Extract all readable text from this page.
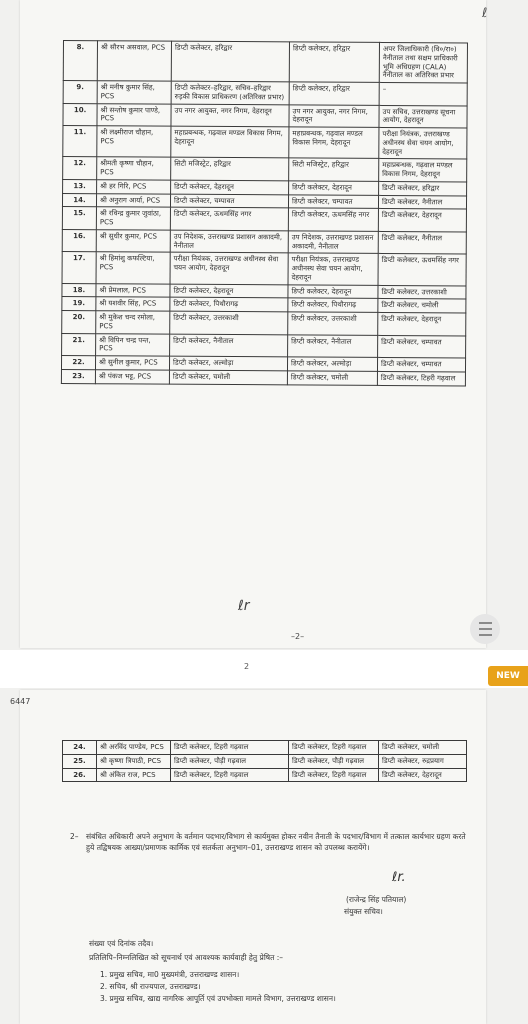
ℓ
8.	श्री सौरभ असवाल, PCS	डिप्टी कलेक्टर, हरिद्वार	डिप्टी कलेक्टर, हरिद्वार	अपर जिलाधिकारी (वि०/रा०) नैनीताल तथा सक्षम प्राधिकारी भूमि अधिग्रहण (CALA) नैनीताल का अतिरिक्त प्रभार
9.	श्री मनीष कुमार सिंह, PCS	डिप्टी कलेक्टर–हरिद्वार, सचिव–हरिद्वार रुड़की विकास प्राधिकरण (अतिरिक्त प्रभार)	डिप्टी कलेक्टर, हरिद्वार	–
10.	श्री सन्तोष कुमार पाण्डे, PCS	उप नगर आयुक्त, नगर निगम, देहरादून	उप नगर आयुक्त, नगर निगम, देहरादून	उप सचिव, उत्तराखण्ड सूचना आयोग, देहरादून
11.	श्री लक्ष्मीराज चौहान, PCS	महाप्रबन्धक, गढ़वाल मण्डल विकास निगम, देहरादून	महाप्रबन्धक, गढ़वाल मण्डल विकास निगम, देहरादून	परीक्षा नियंत्रक, उत्तराखण्ड अधीनस्थ सेवा चयन आयोग, देहरादून
12.	श्रीमती कृष्णा चौहान, PCS	सिटी मजिस्ट्रेट, हरिद्वार	सिटी मजिस्ट्रेट, हरिद्वार	महाप्रबन्धक, गढ़वाल मण्डल विकास निगम, देहरादून
13.	श्री हर गिरि, PCS	डिप्टी कलेक्टर, देहरादून	डिप्टी कलेक्टर, देहरादून	डिप्टी कलेक्टर, हरिद्वार
14.	श्री अनुराग आर्या, PCS	डिप्टी कलेक्टर, चम्पावत	डिप्टी कलेक्टर, चम्पावत	डिप्टी कलेक्टर, नैनीताल
15.	श्री रविन्द्र कुमार जुवांठा, PCS	डिप्टी कलेक्टर, ऊधमसिंह नगर	डिप्टी कलेक्टर, ऊधमसिंह नगर	डिप्टी कलेक्टर, देहरादून
16.	श्री सुधीर कुमार, PCS	उप निदेशक, उत्तराखण्ड प्रशासन अकादमी, नैनीताल	उप निदेशक, उत्तराखण्ड प्रशासन अकादमी, नैनीताल	डिप्टी कलेक्टर, नैनीताल
17.	श्री हिमांशु कफल्टिया, PCS	परीक्षा नियंत्रक, उत्तराखण्ड अधीनस्थ सेवा चयन आयोग, देहरादून	परीक्षा नियंत्रक, उत्तराखण्ड अधीनस्थ सेवा चयन आयोग, देहरादून	डिप्टी कलेक्टर, ऊधमसिंह नगर
18.	श्री प्रेमलाल, PCS	डिप्टी कलेक्टर, देहरादून	डिप्टी कलेक्टर, देहरादून	डिप्टी कलेक्टर, उत्तरकाशी
19.	श्री यशवीर सिंह, PCS	डिप्टी कलेक्टर, पिथौरागढ़	डिप्टी कलेक्टर, पिथौरागढ़	डिप्टी कलेक्टर, चमोली
20.	श्री मुकेश चन्द रमोला, PCS	डिप्टी कलेक्टर, उत्तरकाशी	डिप्टी कलेक्टर, उत्तरकाशी	डिप्टी कलेक्टर, देहरादून
21.	श्री विपिन चन्द्र पन्त, PCS	डिप्टी कलेक्टर, नैनीताल	डिप्टी कलेक्टर, नैनीताल	डिप्टी कलेक्टर, चम्पावत
22.	श्री सुनील कुमार, PCS	डिप्टी कलेक्टर, अल्मोड़ा	डिप्टी कलेक्टर, अल्मोड़ा	डिप्टी कलेक्टर, चम्पावत
23.	श्री पंकज भट्ट, PCS	डिप्टी कलेक्टर, चमोली	डिप्टी कलेक्टर, चमोली	डिप्टी कलेक्टर, टिहरी गढ़वाल
ℓr
–2–
2
NEW
6447
24.	श्री अरविंद पाण्डेय, PCS	डिप्टी कलेक्टर, टिहरी गढ़वाल	डिप्टी कलेक्टर, टिहरी गढ़वाल	डिप्टी कलेक्टर, चमोली
25.	श्री कृष्णा त्रिपाठी, PCS	डिप्टी कलेक्टर, पौड़ी गढ़वाल	डिप्टी कलेक्टर, पौड़ी गढ़वाल	डिप्टी कलेक्टर, रुद्रप्रयाग
26.	श्री अंकित राज, PCS	डिप्टी कलेक्टर, टिहरी गढ़वाल	डिप्टी कलेक्टर, टिहरी गढ़वाल	डिप्टी कलेक्टर, देहरादून
2– संबंधित अधिकारी अपने अनुभाग के वर्तमान पदभार/विभाग से कार्यमुक्त होकर नवीन तैनाती के पदभार/विभाग में तत्काल कार्यभार ग्रहण करते हुये तद्विषयक आख्या/प्रमाणक कार्मिक एवं सतर्कता अनुभाग–01, उत्तराखण्ड शासन को उपलब्ध करायेंगे।
ℓr.
(राजेन्द्र सिंह पतियाल)
संयुक्त सचिव।
संख्या एवं दिनांक तदैव।
प्रतिलिपि–निम्नलिखित को सूचनार्थ एवं आवश्यक कार्यवाही हेतु प्रेषित :–
1. प्रमुख सचिव, मा0 मुख्यमंत्री, उत्तराखण्ड शासन।
2. सचिव, श्री राज्यपाल, उत्तराखण्ड।
3. प्रमुख सचिव, खाद्य नागरिक आपूर्ति एवं उपभोक्ता मामले विभाग, उत्तराखण्ड शासन।
